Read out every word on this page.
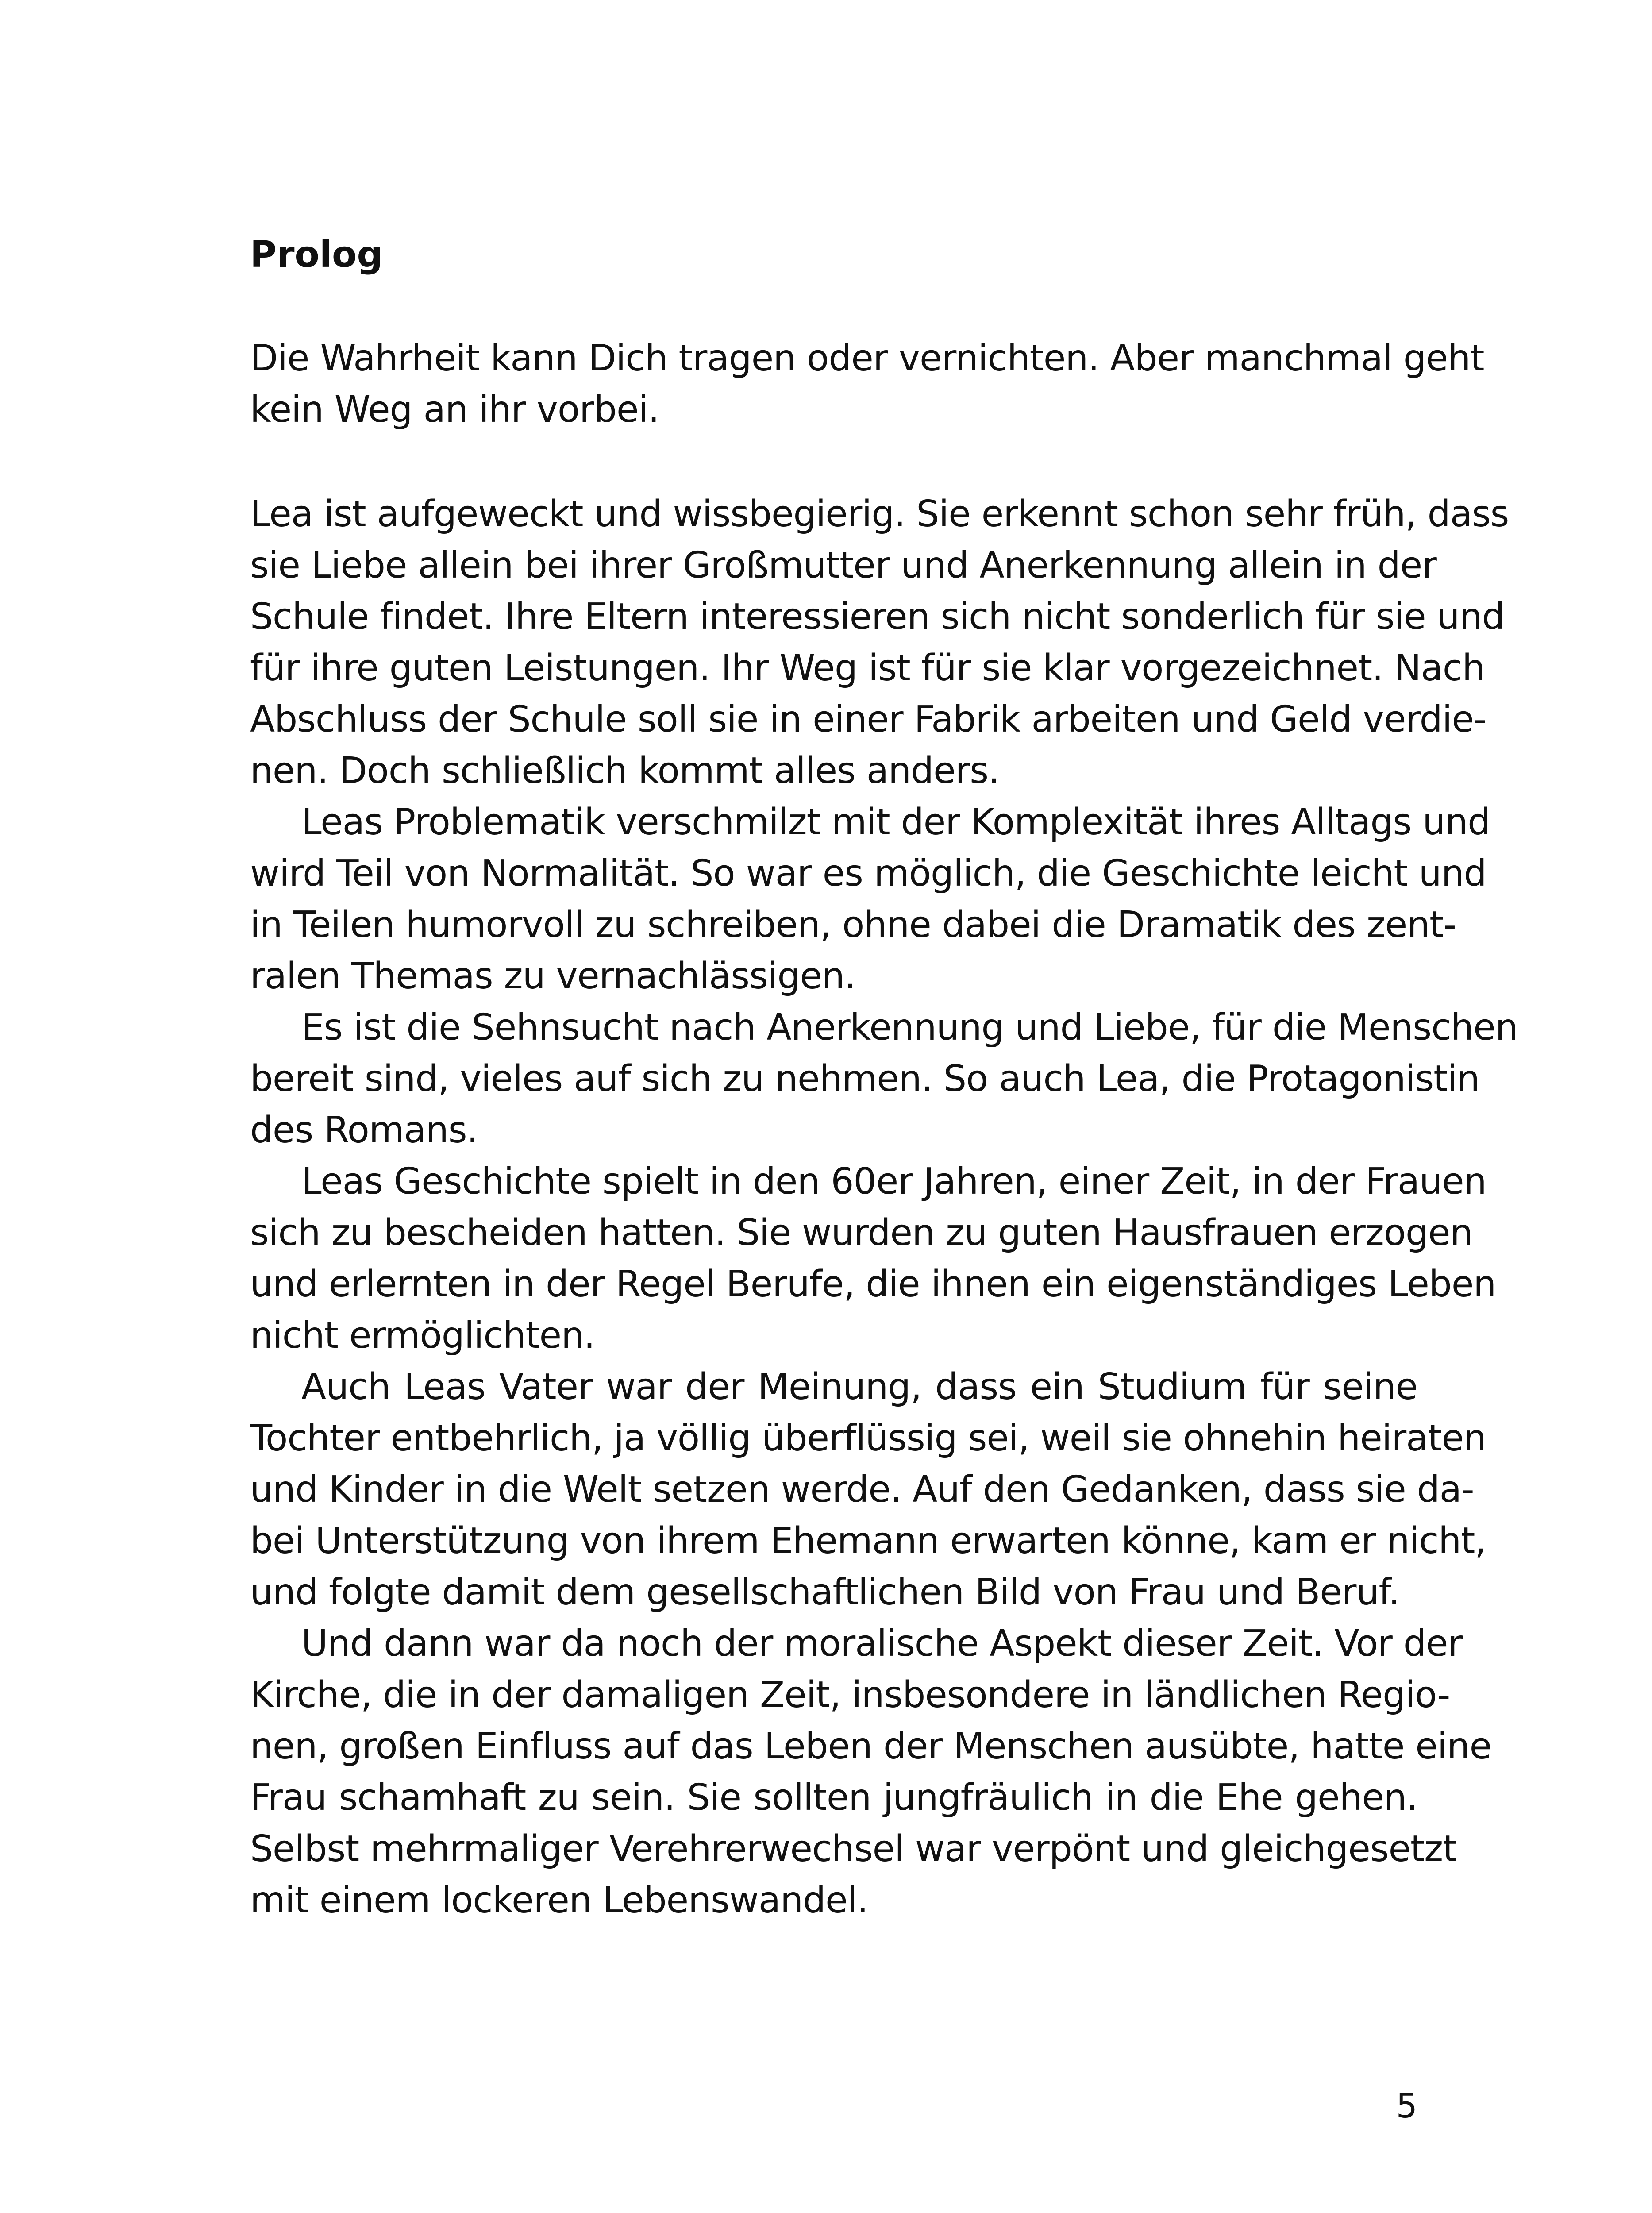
Prolog
Die Wahrheit kann Dich tragen oder vernichten. Aber manchmal geht
kein Weg an ihr vorbei.
Lea ist aufgeweckt und wissbegierig. Sie erkennt schon sehr früh, dass
sie Liebe allein bei ihrer Großmutter und Anerkennung allein in der
Schule findet. Ihre Eltern interessieren sich nicht sonderlich für sie und
für ihre guten Leistungen. Ihr Weg ist für sie klar vorgezeichnet. Nach
Abschluss der Schule soll sie in einer Fabrik arbeiten und Geld verdie-
nen. Doch schließlich kommt alles anders.
Leas Problematik verschmilzt mit der Komplexität ihres Alltags und
wird Teil von Normalität. So war es möglich, die Geschichte leicht und
in Teilen humorvoll zu schreiben, ohne dabei die Dramatik des zent-
ralen Themas zu vernachlässigen.
Es ist die Sehnsucht nach Anerkennung und Liebe, für die Menschen
bereit sind, vieles auf sich zu nehmen. So auch Lea, die Protagonistin
des Romans.
Leas Geschichte spielt in den 60er Jahren, einer Zeit, in der Frauen
sich zu bescheiden hatten. Sie wurden zu guten Hausfrauen erzogen
und erlernten in der Regel Berufe, die ihnen ein eigenständiges Leben
nicht ermöglichten.
Auch Leas Vater war der Meinung, dass ein Studium für seine
Tochter entbehrlich, ja völlig überflüssig sei, weil sie ohnehin heiraten
und Kinder in die Welt setzen werde. Auf den Gedanken, dass sie da-
bei Unterstützung von ihrem Ehemann erwarten könne, kam er nicht,
und folgte damit dem gesellschaftlichen Bild von Frau und Beruf.
Und dann war da noch der moralische Aspekt dieser Zeit. Vor der
Kirche, die in der damaligen Zeit, insbesondere in ländlichen Regio-
nen, großen Einfluss auf das Leben der Menschen ausübte, hatte eine
Frau schamhaft zu sein. Sie sollten jungfräulich in die Ehe gehen.
Selbst mehrmaliger Verehrerwechsel war verpönt und gleichgesetzt
mit einem lockeren Lebenswandel.
5
